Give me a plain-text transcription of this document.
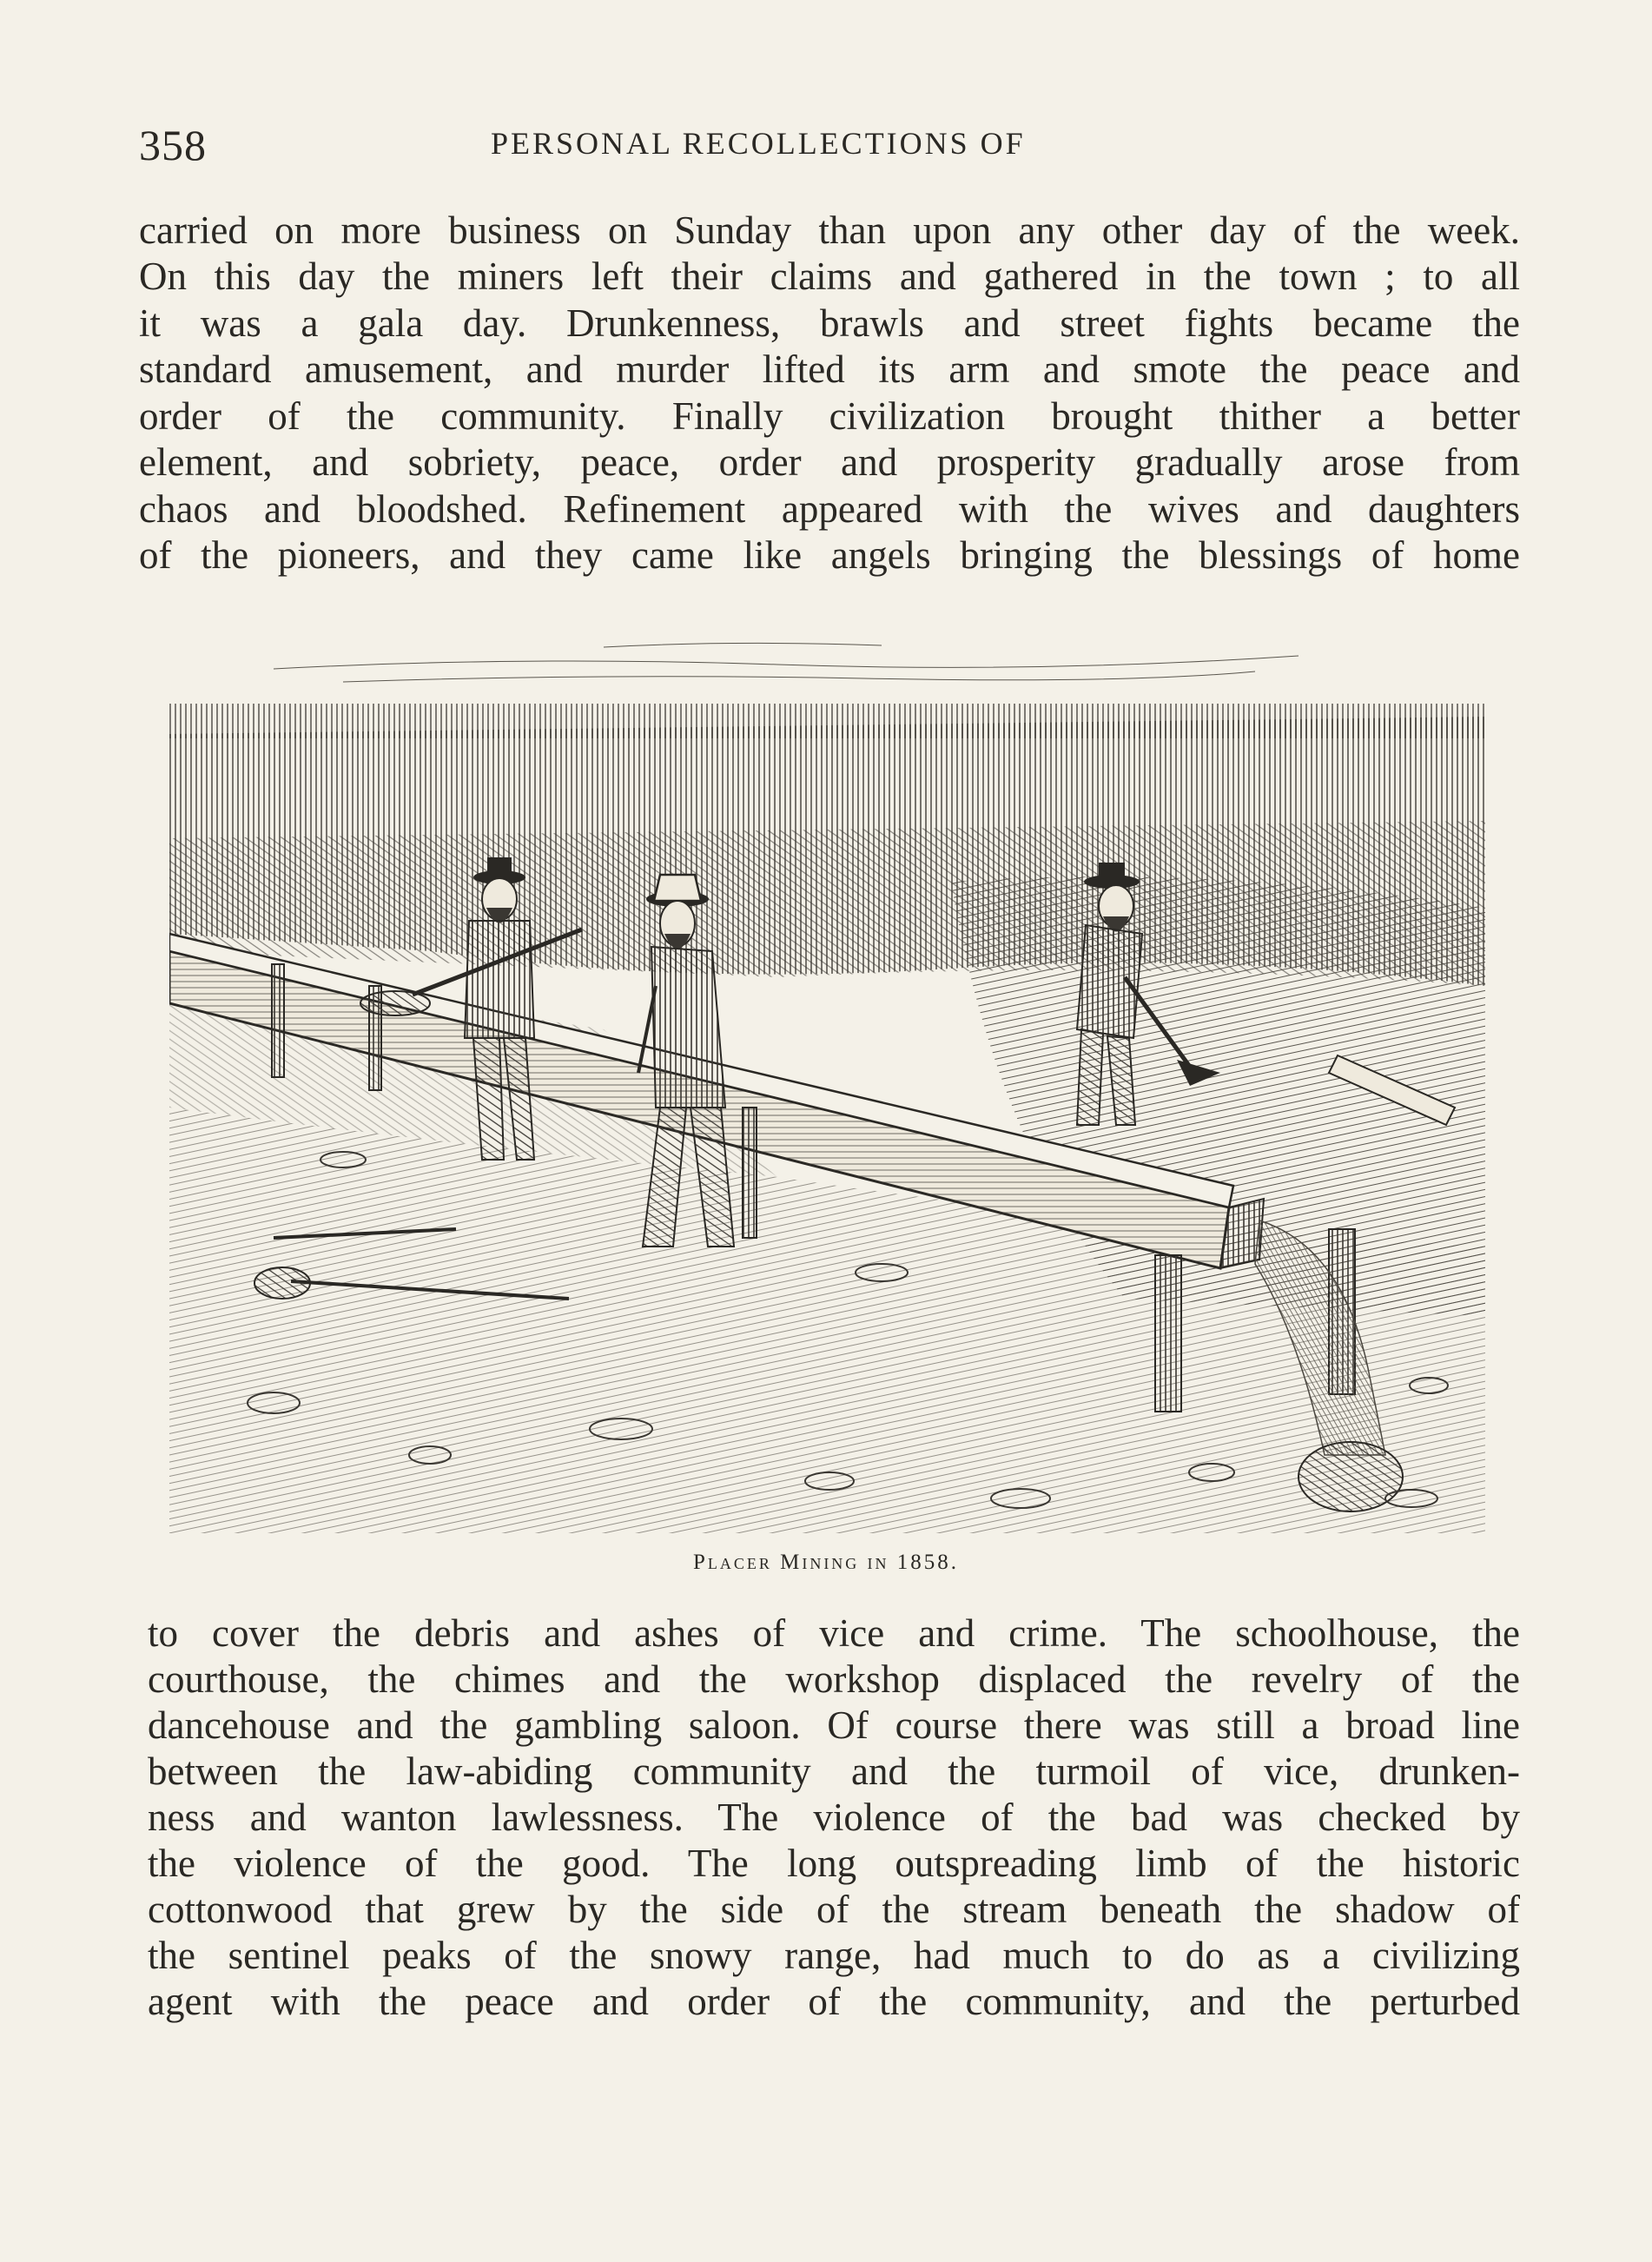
358	PERSONAL RECOLLECTIONS OF
carried on more business on Sunday than upon any other day of the week.
On this day the miners left their claims and gathered in the town ; to all
it was a gala day. Drunkenness, brawls and street fights became the
standard amusement, and murder lifted its arm and smote the peace and
order of the community. Finally civilization brought thither a better
element, and sobriety, peace, order and prosperity gradually arose from
chaos and bloodshed. Refinement appeared with the wives and daughters
of the pioneers, and they came like angels bringing the blessings of home
Placer Mining in 1858.
to cover the debris and ashes of vice and crime. The schoolhouse, the
courthouse, the chimes and the workshop displaced the revelry of the
dancehouse and the gambling saloon. Of course there was still a broad line
between the law-abiding community and the turmoil of vice, drunken-
ness and wanton lawlessness. The violence of the bad was checked by
the violence of the good. The long outspreading limb of the historic
cottonwood that grew by the side of the stream beneath the shadow of
the sentinel peaks of the snowy range, had much to do as a civilizing
agent with the peace and order of the community, and the perturbed
